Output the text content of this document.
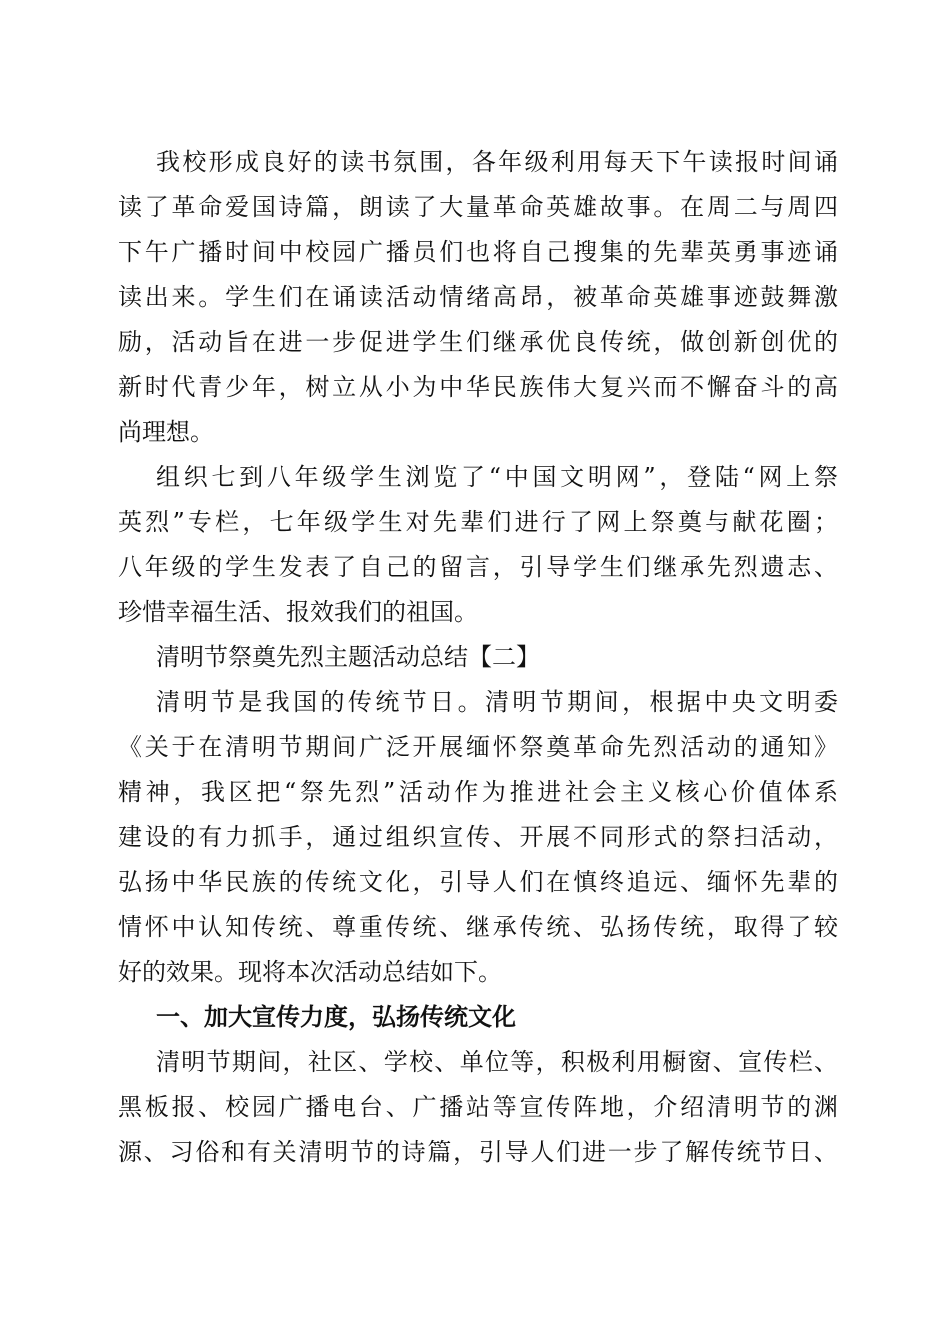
我校形成良好的读书氛围，各年级利用每天下午读报时间诵
读了革命爱国诗篇，朗读了大量革命英雄故事。在周二与周四
下午广播时间中校园广播员们也将自己搜集的先辈英勇事迹诵
读出来。学生们在诵读活动情绪高昂，被革命英雄事迹鼓舞激
励，活动旨在进一步促进学生们继承优良传统，做创新创优的
新时代青少年，树立从小为中华民族伟大复兴而不懈奋斗的高
尚理想。
组织七到八年级学生浏览了“中国文明网”，登陆“网上祭
英烈”专栏，七年级学生对先辈们进行了网上祭奠与献花圈；
八年级的学生发表了自己的留言，引导学生们继承先烈遗志、
珍惜幸福生活、报效我们的祖国。
清明节祭奠先烈主题活动总结【二】
清明节是我国的传统节日。清明节期间，根据中央文明委
《关于在清明节期间广泛开展缅怀祭奠革命先烈活动的通知》
精神，我区把“祭先烈”活动作为推进社会主义核心价值体系
建设的有力抓手，通过组织宣传、开展不同形式的祭扫活动，
弘扬中华民族的传统文化，引导人们在慎终追远、缅怀先辈的
情怀中认知传统、尊重传统、继承传统、弘扬传统，取得了较
好的效果。现将本次活动总结如下。
一、加大宣传力度，弘扬传统文化
清明节期间，社区、学校、单位等，积极利用橱窗、宣传栏、
黑板报、校园广播电台、广播站等宣传阵地，介绍清明节的渊
源、习俗和有关清明节的诗篇，引导人们进一步了解传统节日、
